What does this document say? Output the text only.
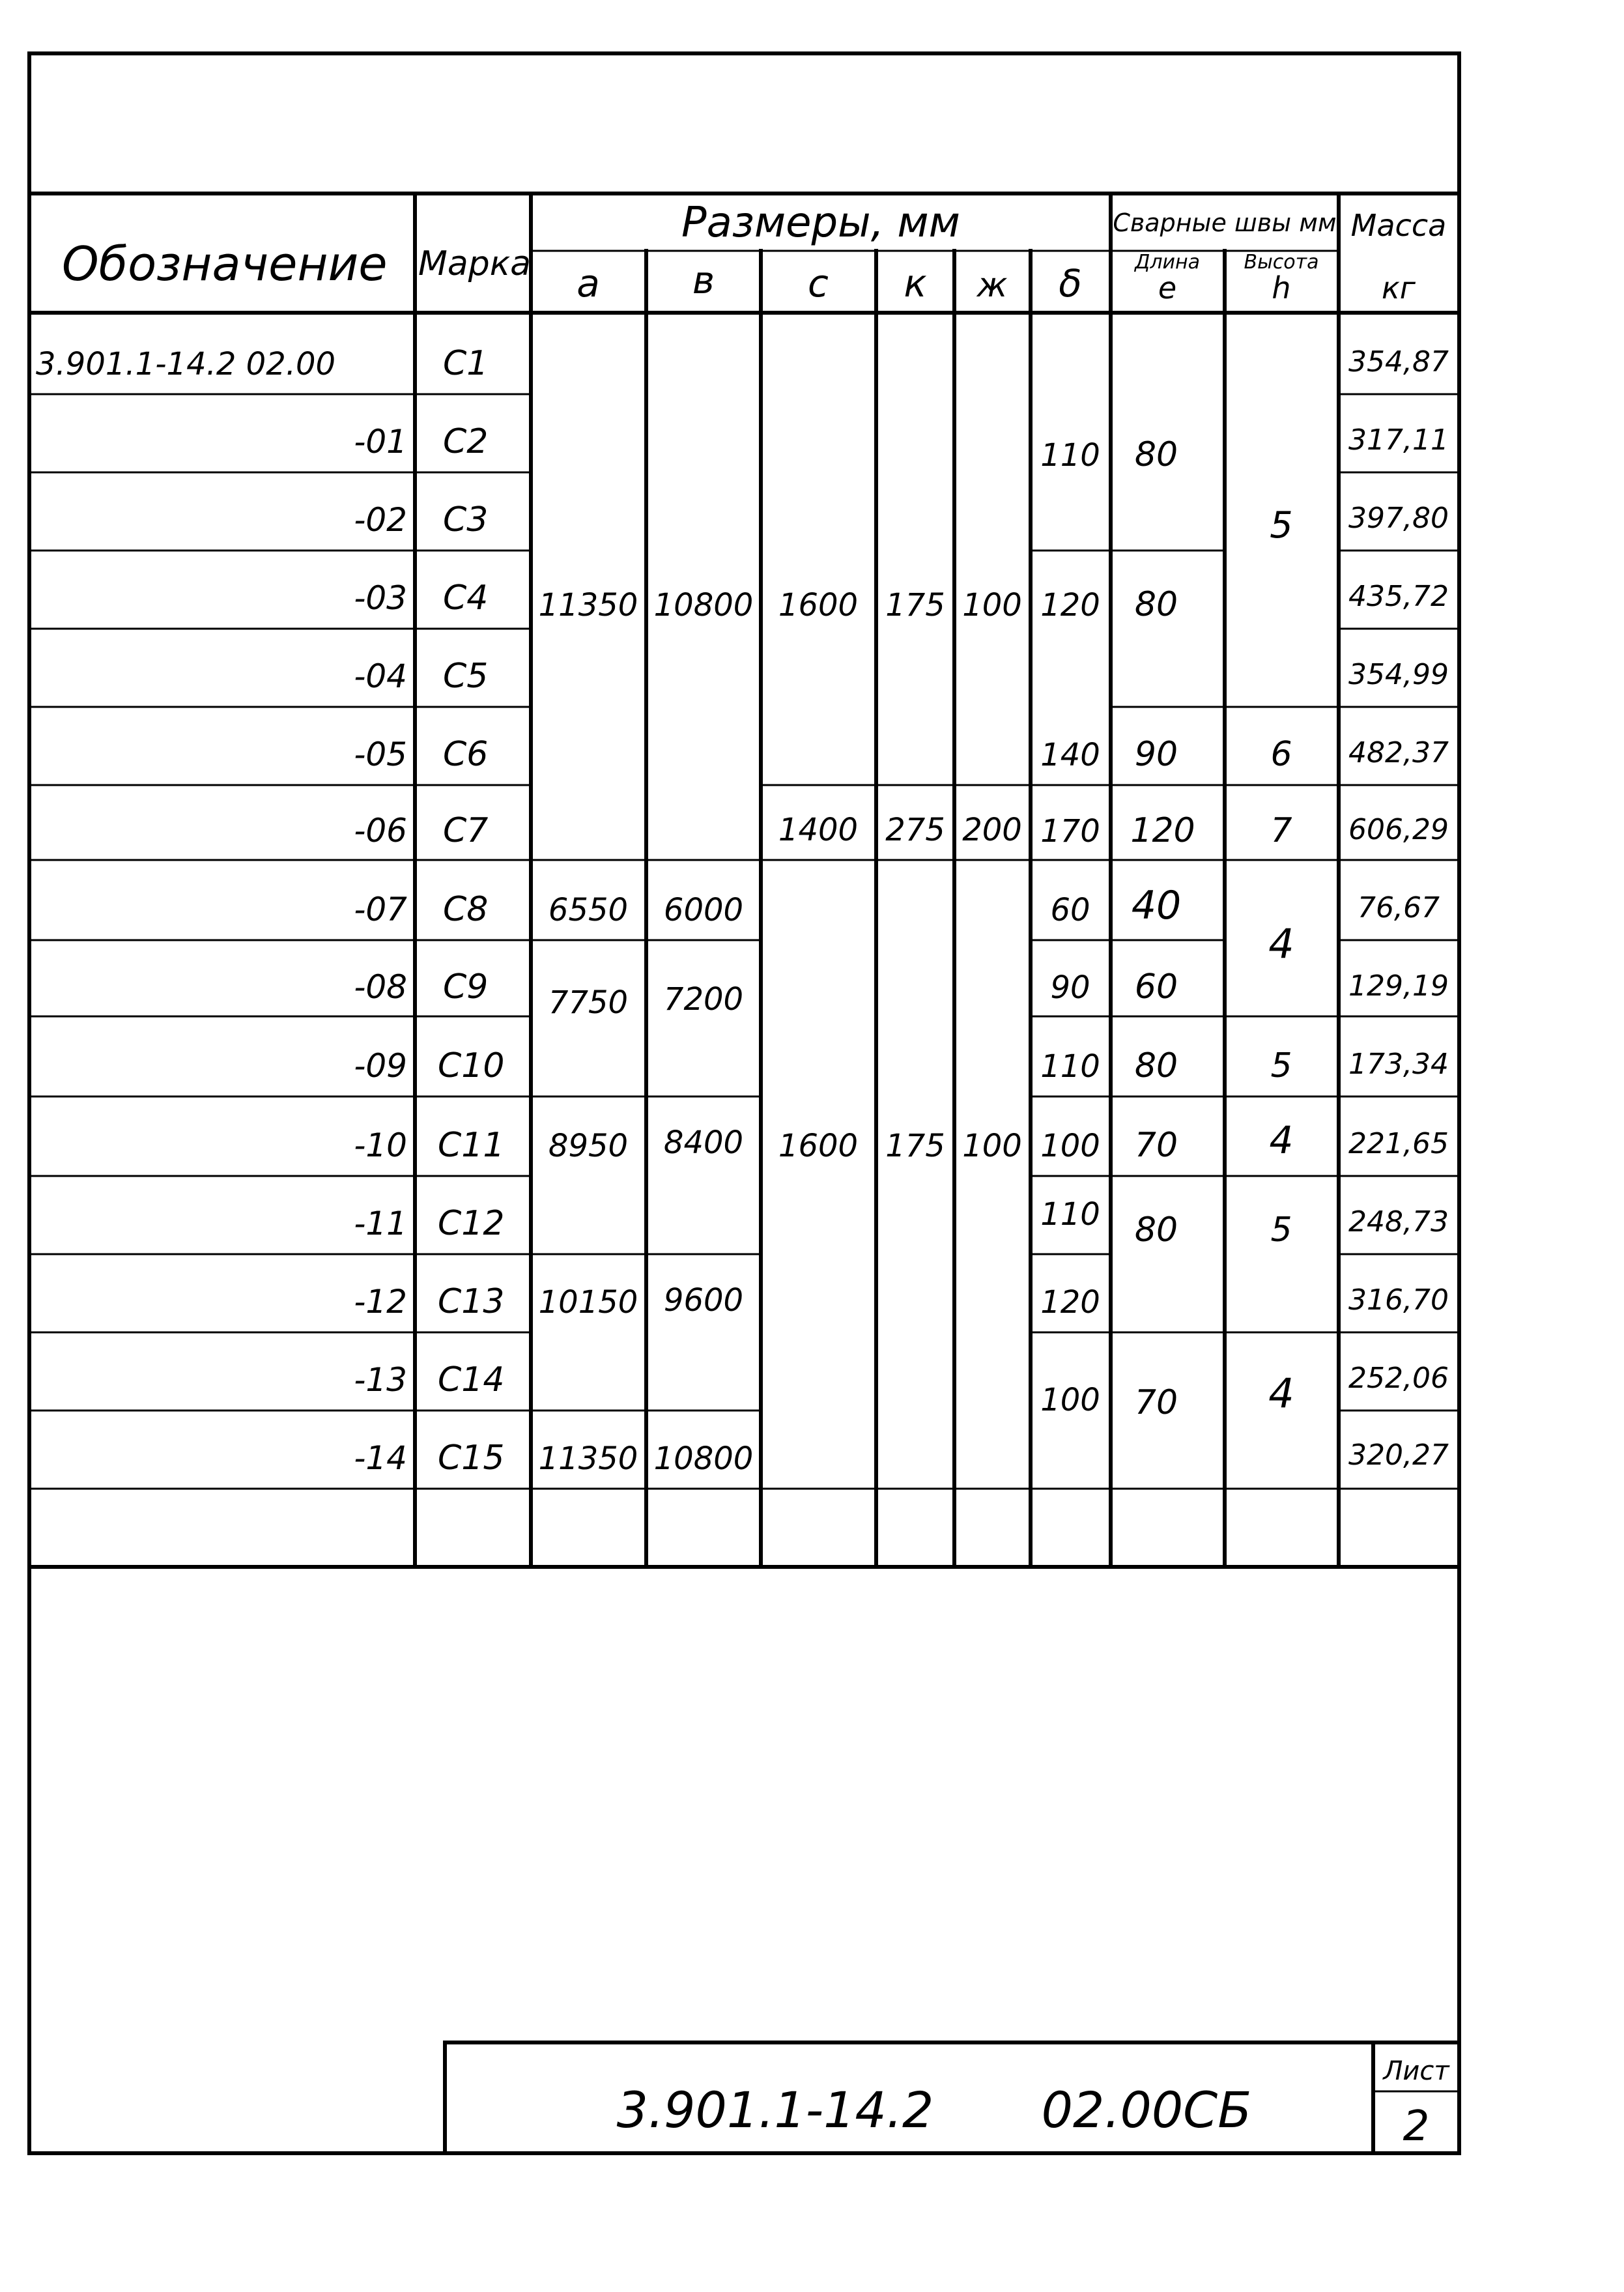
Обозначение Марка
Размеры, мм
а в с к ж δ
Сварные швы мм
Длина
е
Высота
h
Масса
кг
3.901.1-14.2 02.00
-01
-02
-03
-04
-05
-06
-07
-08
-09
-10
-11
-12
-13
-14
С1
С2
С3
С4
С5
С6
С7
С8
С9
С10
С11
С12
С13
С14
С15
11350 10800 1600 175 100
1400 275 200
6550 6000
7750 7200
8950 8400
10150 9600
11350 10800
1600 175 100
110
120
140
170
60
90
110
100
110
120
100
80
80
90
120
40
60
80
70
80
70
5
6
7
4
5
4
5
4
354,87
317,11
397,80
435,72
354,99
482,37
606,29
76,67
129,19
173,34
221,65
248,73
316,70
252,06
320,27
3.901.1-14.2 02.00СБ
Лист
2
